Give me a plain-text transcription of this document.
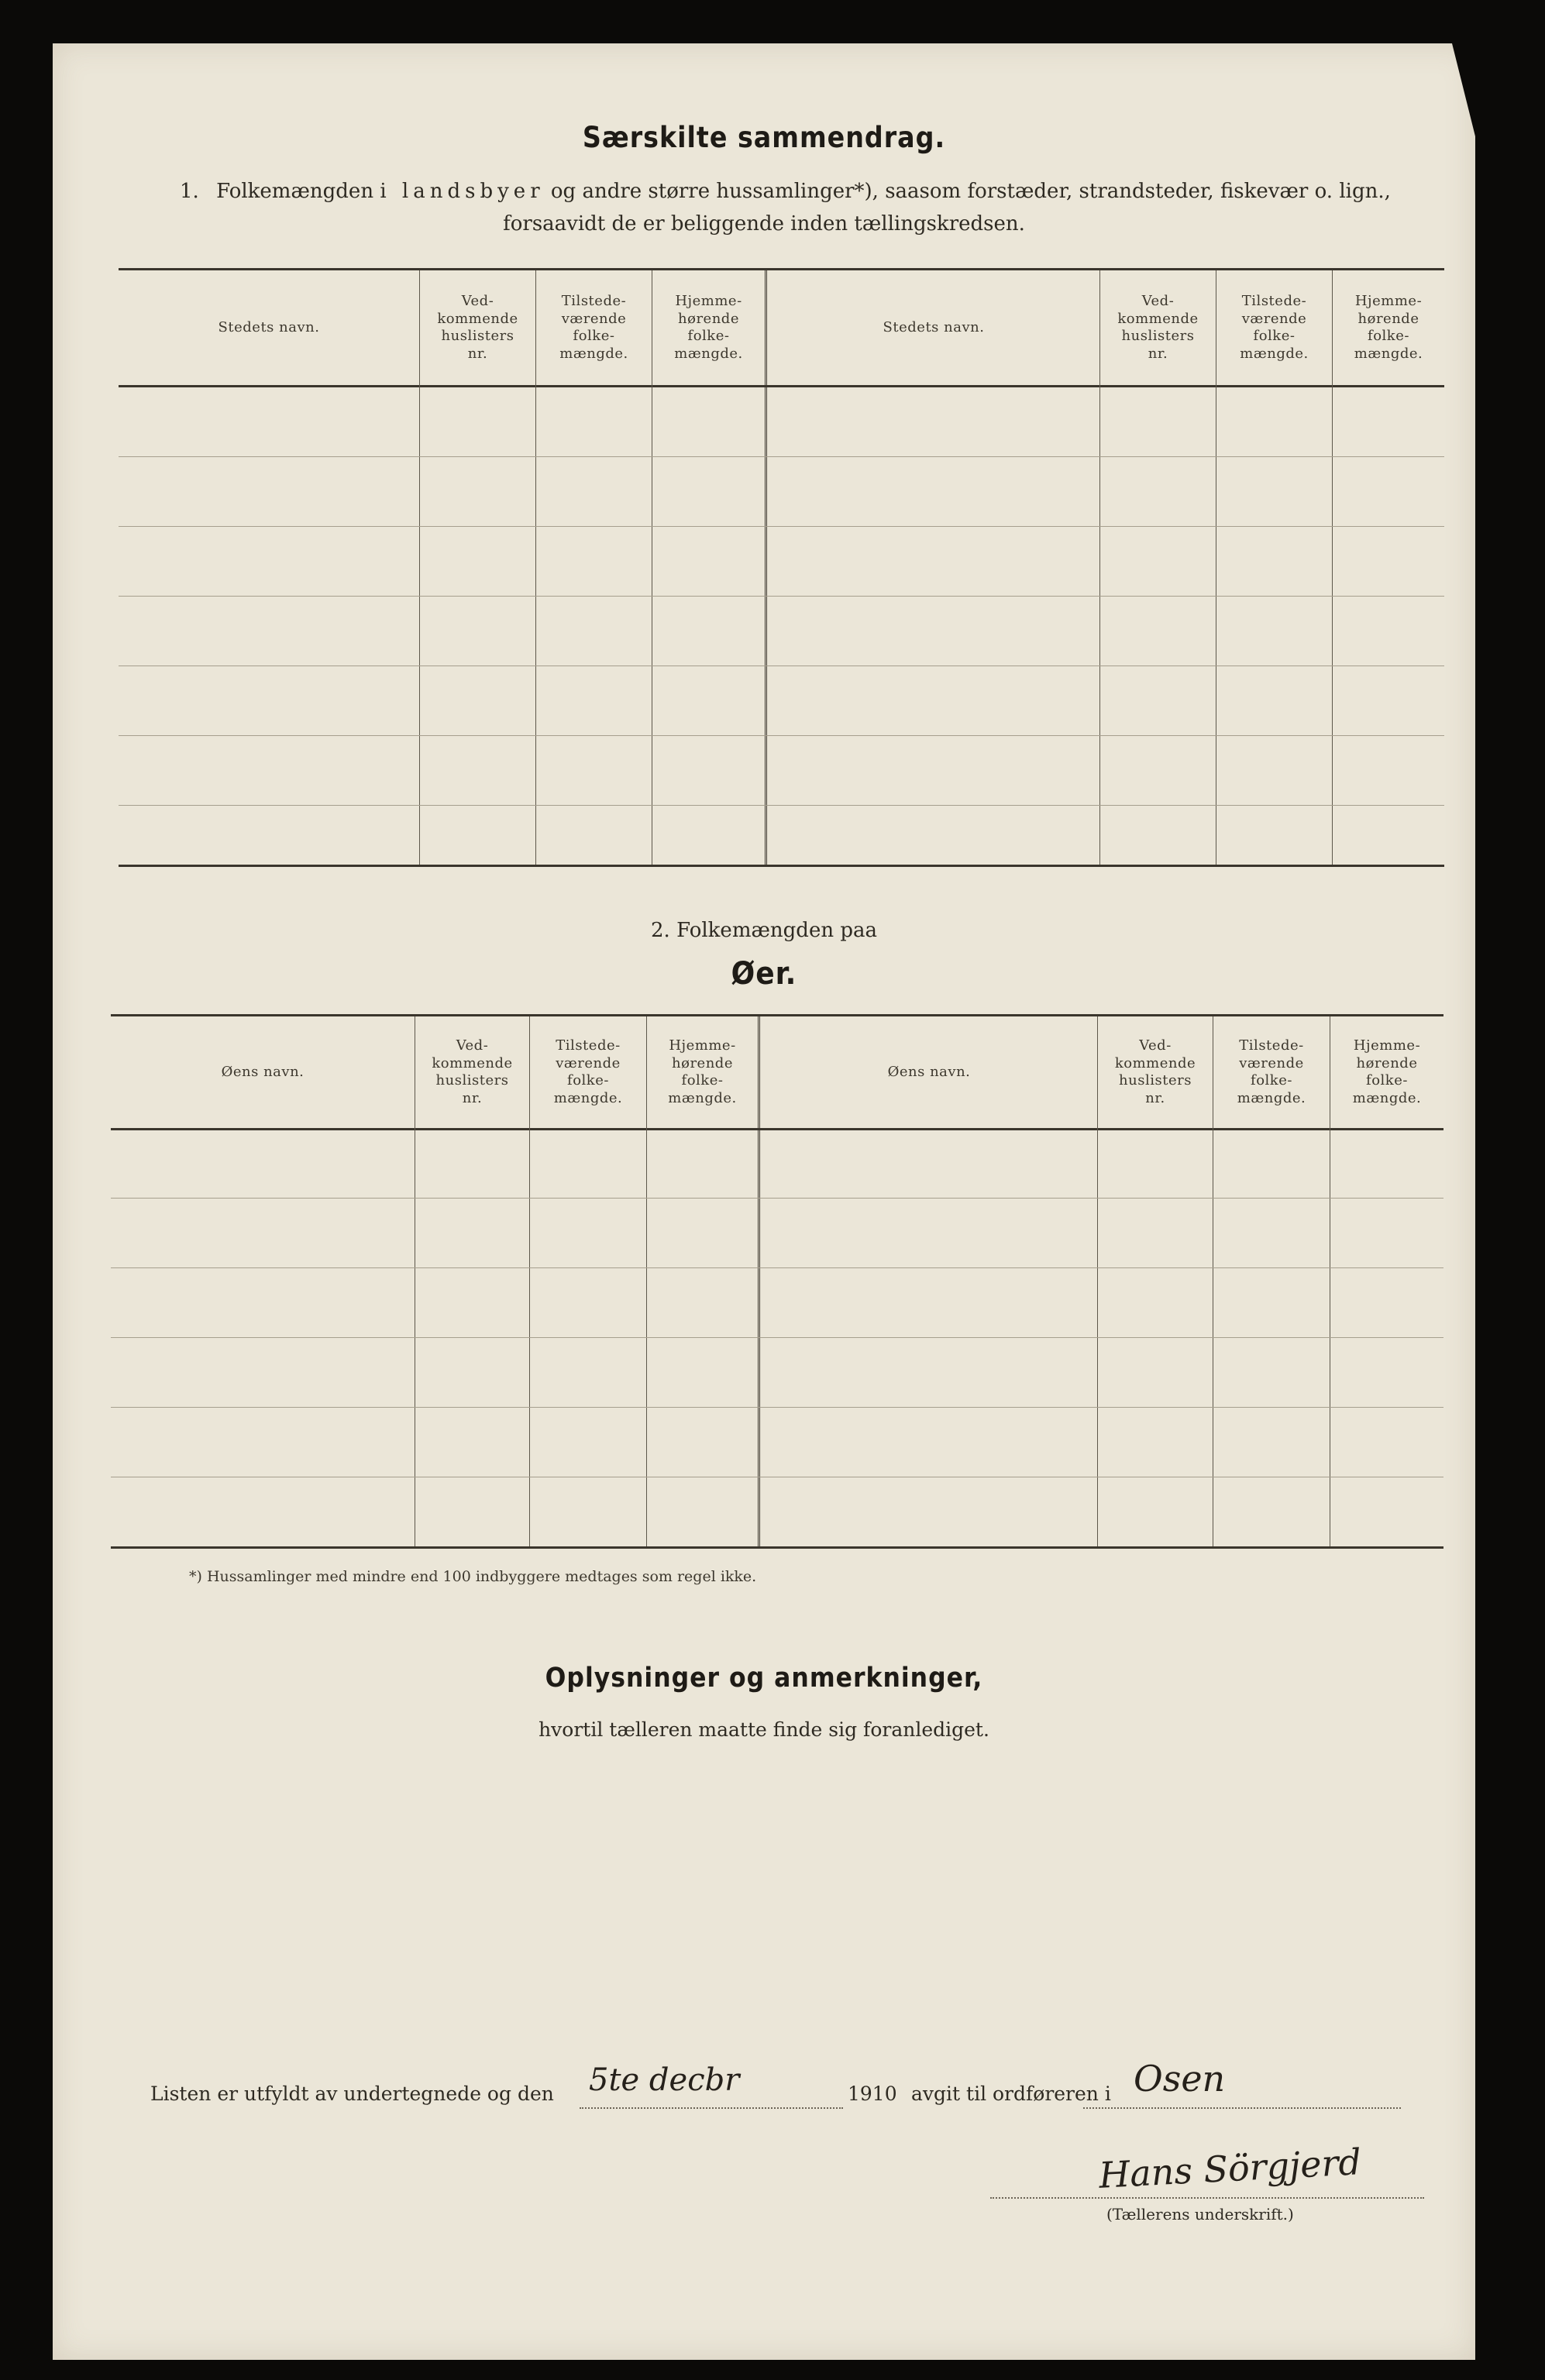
Særskilte sammendrag.
1. Folkemængden i landsbyer og andre større hussamlinger*), saasom forstæder, strandsteder, fiskevær o. lign.,
forsaavidt de er beliggende inden tællingskredsen.
Stedets navn.
Ved-
kommende
huslisters
nr.
Tilstede-
værende
folke-
mængde.
Hjemme-
hørende
folke-
mængde.
Stedets navn.
Ved-
kommende
huslisters
nr.
Tilstede-
værende
folke-
mængde.
Hjemme-
hørende
folke-
mængde.
2. Folkemængden paa
Øer.
Øens navn.
Ved-
kommende
huslisters
nr.
Tilstede-
værende
folke-
mængde.
Hjemme-
hørende
folke-
mængde.
Øens navn.
Ved-
kommende
huslisters
nr.
Tilstede-
værende
folke-
mængde.
Hjemme-
hørende
folke-
mængde.
*) Hussamlinger med mindre end 100 indbyggere medtages som regel ikke.
Oplysninger og anmerkninger,
hvortil tælleren maatte finde sig foranlediget.
Listen er utfyldt av undertegnede og den 5te decbr	1910 avgit til ordføreren i Osen
Hans Sörgjerd
(Tællerens underskrift.)
